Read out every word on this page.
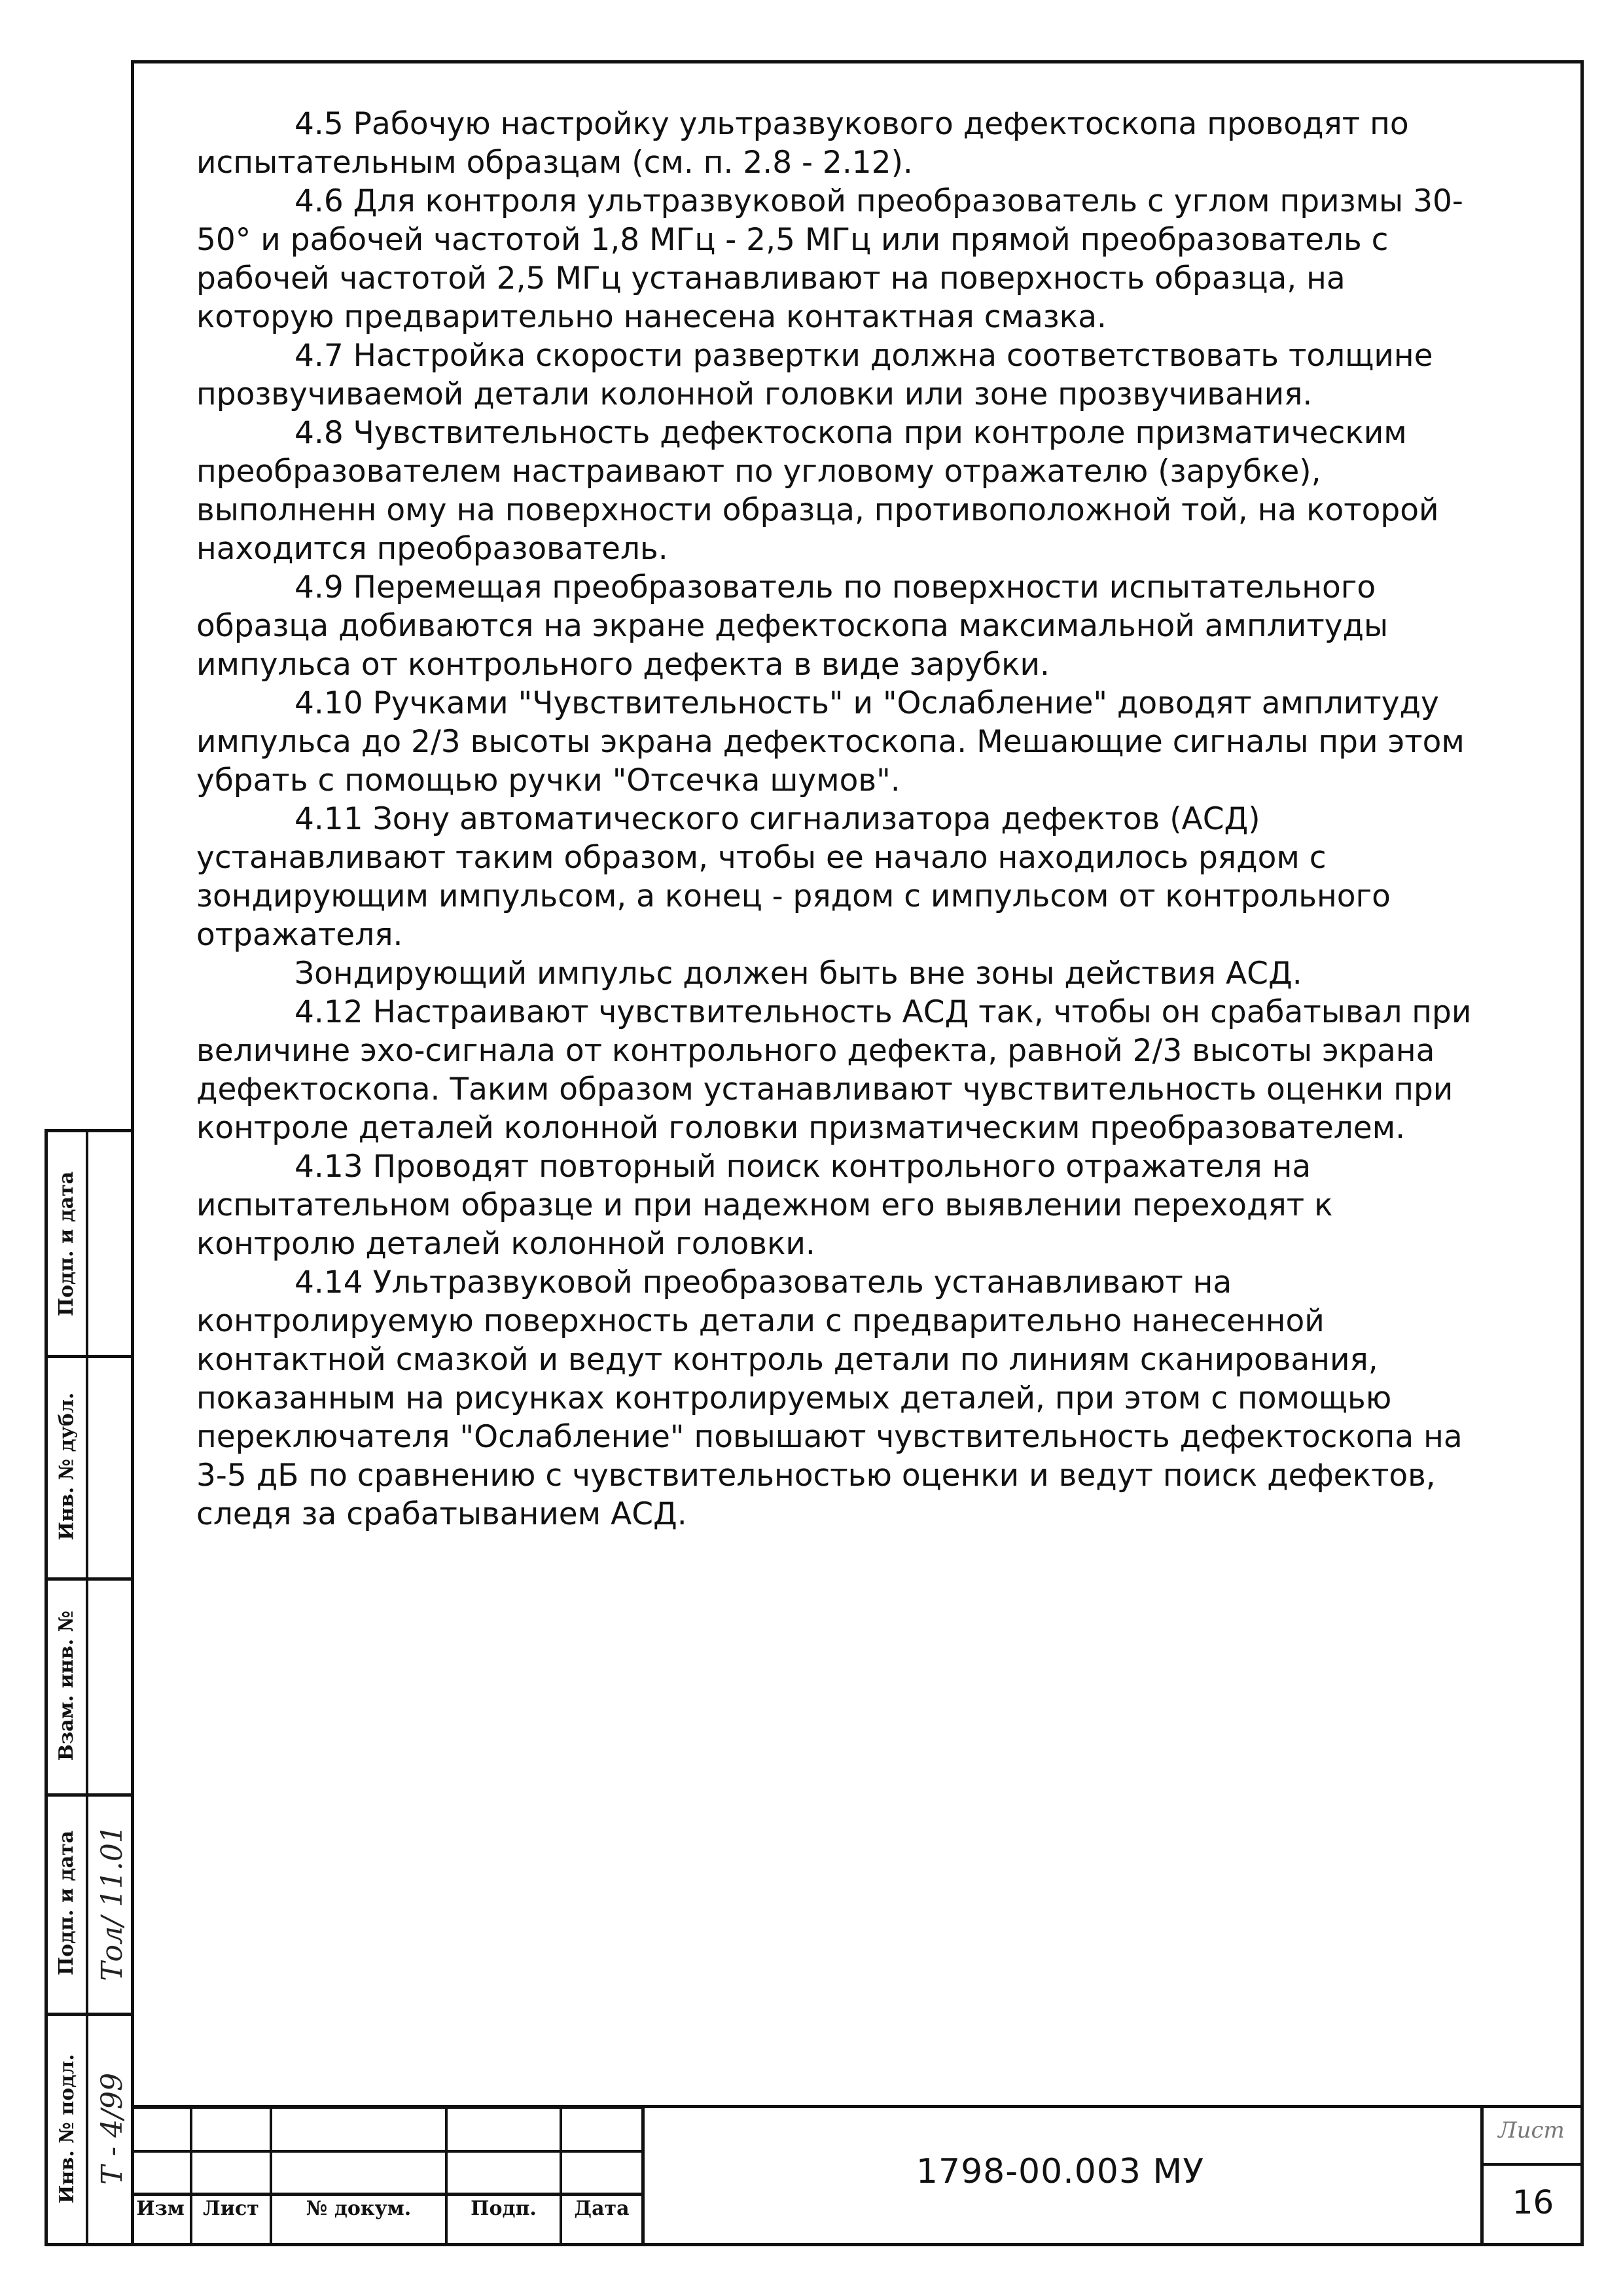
4.5 Рабочую настройку ультразвукового дефектоскопа проводят по испытательным образцам (см. п. 2.8 - 2.12).

4.6 Для контроля ультразвуковой преобразователь с углом призмы 30-50° и рабочей частотой 1,8 МГц - 2,5 МГц или прямой преобразователь с рабочей частотой 2,5 МГц устанавливают на поверхность образца, на которую предварительно нанесена контактная смазка.

4.7 Настройка скорости развертки должна соответствовать толщине прозвучиваемой детали колонной головки или зоне прозвучивания.

4.8 Чувствительность дефектоскопа при контроле призматическим преобразователем настраивают по угловому отражателю (зарубке), выполненн ому на поверхности образца, противоположной той, на которой находится преобразователь.

4.9 Перемещая преобразователь по поверхности испытательного образца добиваются на экране дефектоскопа максимальной амплитуды импульса от контрольного дефекта в виде зарубки.

4.10 Ручками "Чувствительность" и "Ослабление" доводят амплитуду импульса до 2/3 высоты экрана дефектоскопа. Мешающие сигналы при этом убрать с помощью ручки "Отсечка шумов".

4.11 Зону автоматического сигнализатора дефектов (АСД) устанавливают таким образом, чтобы ее начало находилось рядом с зондирующим импульсом, а конец - рядом с импульсом от контрольного отражателя.

Зондирующий импульс должен быть вне зоны действия АСД.

4.12 Настраивают чувствительность АСД так, чтобы он срабатывал при величине эхо-сигнала от контрольного дефекта, равной 2/3 высоты экрана дефектоскопа. Таким образом устанавливают чувствительность оценки при контроле деталей колонной головки призматическим преобразователем.

4.13 Проводят повторный поиск контрольного отражателя на испытательном образце и при надежном его выявлении переходят к контролю деталей колонной головки.

4.14 Ультразвуковой преобразователь устанавливают на контролируемую поверхность детали с предварительно нанесенной контактной смазкой и ведут контроль детали по линиям сканирования, показанным на рисунках контролируемых деталей, при этом с помощью переключателя "Ослабление" повышают чувствительность дефектоскопа на 3-5 дБ по сравнению с чувствительностью оценки и ведут поиск дефектов, следя за срабатыванием АСД.

Подп. и дата
Инв. № дубл.
Взам. инв. №
Подп. и дата
Инв. № подл.
Тол/ 11.01
Т - 4/99
Изм Лист	№ докум.	Подп.	Дата
1798-00.003 МУ
Лист
16
